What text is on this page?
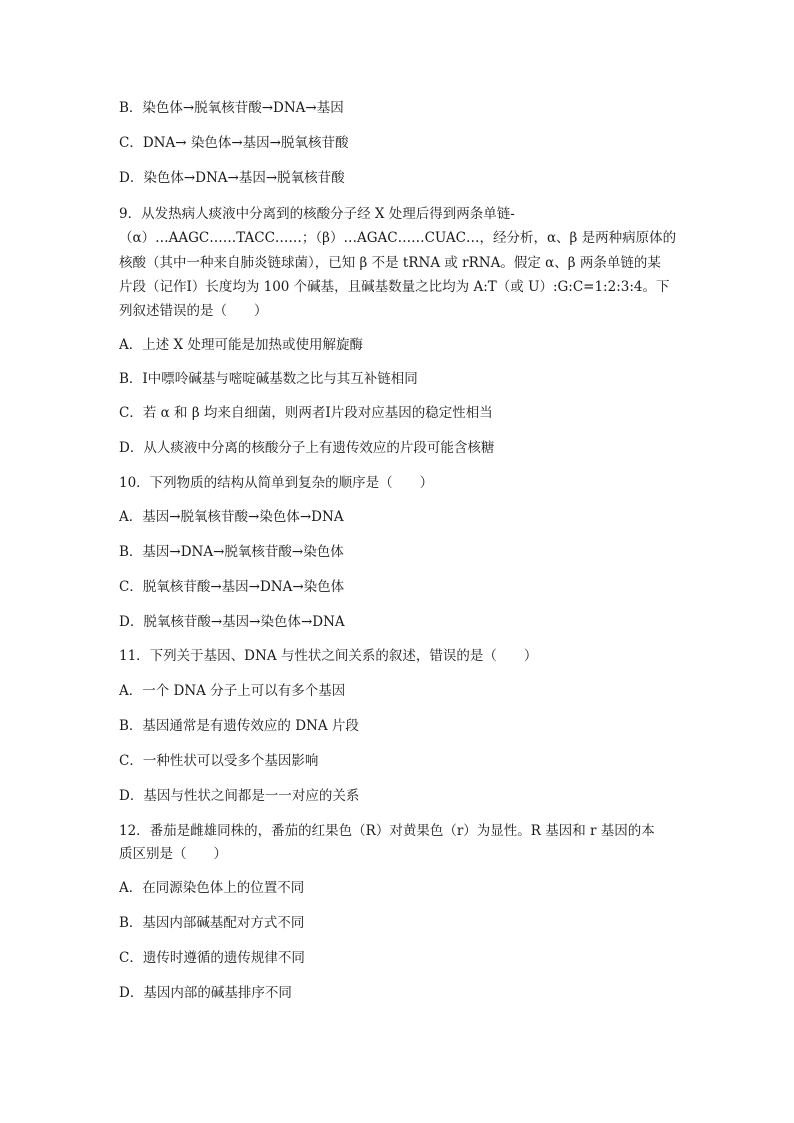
B．染色体→脱氧核苷酸→DNA→基因
C．DNA→ 染色体→基因→脱氧核苷酸
D．染色体→DNA→基因→脱氧核苷酸
9．从发热病人痰液中分离到的核酸分子经 X 处理后得到两条单链-
（α）…AAGC……TACC……；（β）…AGAC……CUAC…，经分析，α、β 是两种病原体的
核酸（其中一种来自肺炎链球菌），已知 β 不是 tRNA 或 rRNA。假定 α、β 两条单链的某
片段（记作Ⅰ）长度均为 100 个碱基，且碱基数量之比均为 A:T（或 U）:G:C=1:2:3:4。下
列叙述错误的是（　　）
A．上述 X 处理可能是加热或使用解旋酶
B．Ⅰ中嘌呤碱基与嘧啶碱基数之比与其互补链相同
C．若 α 和 β 均来自细菌，则两者Ⅰ片段对应基因的稳定性相当
D．从人痰液中分离的核酸分子上有遗传效应的片段可能含核糖
10．下列物质的结构从简单到复杂的顺序是（　　）
A．基因→脱氧核苷酸→染色体→DNA
B．基因→DNA→脱氧核苷酸→染色体
C．脱氧核苷酸→基因→DNA→染色体
D．脱氧核苷酸→基因→染色体→DNA
11．下列关于基因、DNA 与性状之间关系的叙述，错误的是（　　）
A．一个 DNA 分子上可以有多个基因
B．基因通常是有遗传效应的 DNA 片段
C．一种性状可以受多个基因影响
D．基因与性状之间都是一一对应的关系
12．番茄是雌雄同株的，番茄的红果色（R）对黄果色（r）为显性。R 基因和 r 基因的本
质区别是（　　）
A．在同源染色体上的位置不同
B．基因内部碱基配对方式不同
C．遗传时遵循的遗传规律不同
D．基因内部的碱基排序不同
